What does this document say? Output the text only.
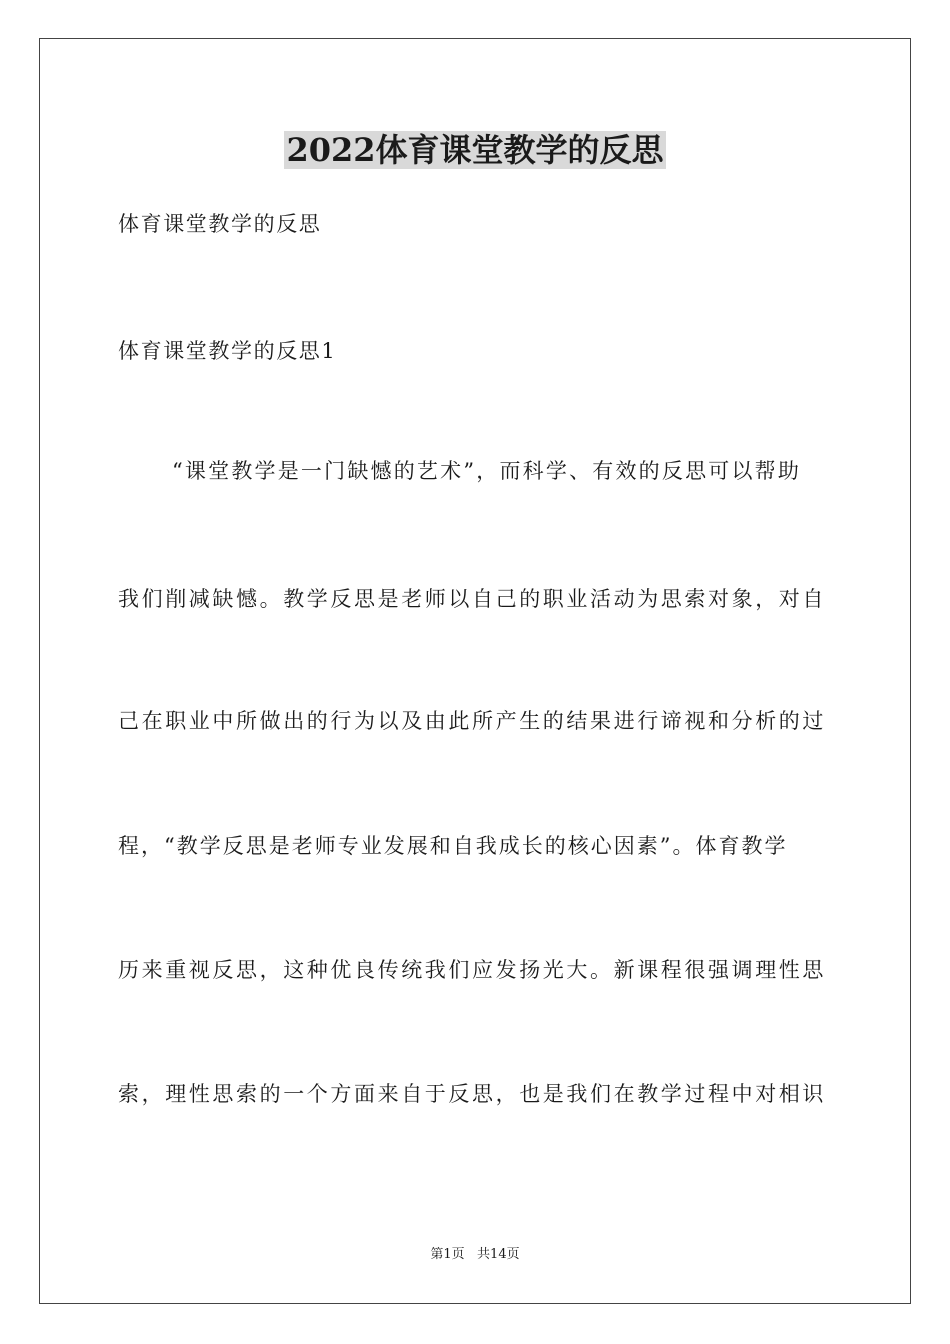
2022体育课堂教学的反思
体育课堂教学的反思
体育课堂教学的反思1
“课堂教学是一门缺憾的艺术”，而科学、有效的反思可以帮助
我们削减缺憾。教学反思是老师以自己的职业活动为思索对象，对自
己在职业中所做出的行为以及由此所产生的结果进行谛视和分析的过
程，“教学反思是老师专业发展和自我成长的核心因素”。体育教学
历来重视反思，这种优良传统我们应发扬光大。新课程很强调理性思
索，理性思索的一个方面来自于反思，也是我们在教学过程中对相识
第1页   共14页
